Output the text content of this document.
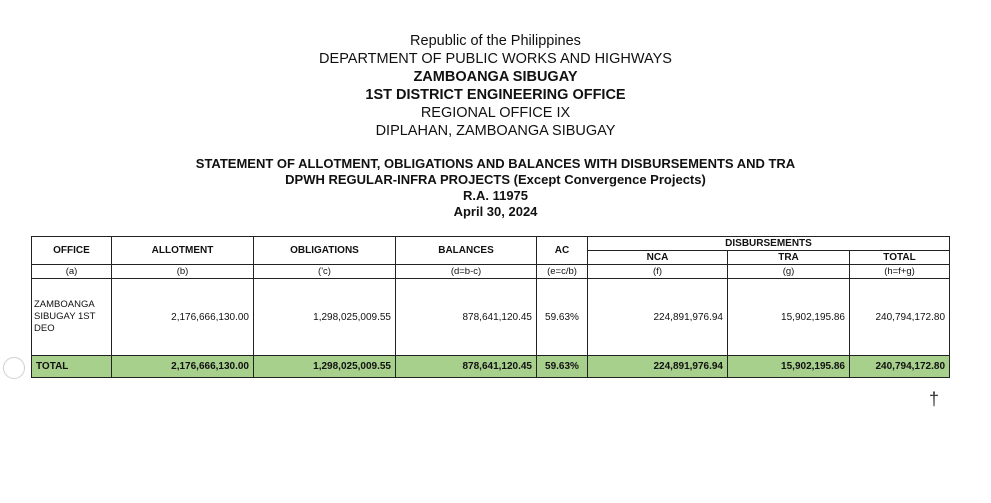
Republic of the Philippines
DEPARTMENT OF PUBLIC WORKS AND HIGHWAYS
ZAMBOANGA SIBUGAY
1ST DISTRICT ENGINEERING OFFICE
REGIONAL OFFICE IX
DIPLAHAN, ZAMBOANGA SIBUGAY
STATEMENT OF ALLOTMENT, OBLIGATIONS AND BALANCES WITH DISBURSEMENTS AND TRA
DPWH REGULAR-INFRA PROJECTS (Except Convergence Projects)
R.A. 11975
April 30, 2024
OFFICE	ALLOTMENT	OBLIGATIONS	BALANCES	AC	DISBURSEMENTS		
					NCA	TRA	TOTAL
(a)	(b)	('c)	(d=b-c)	(e=c/b)	(f)	(g)	(h=f+g)
ZAMBOANGA SIBUGAY 1ST DEO	2,176,666,130.00	1,298,025,009.55	878,641,120.45	59.63%	224,891,976.94	15,902,195.86	240,794,172.80
TOTAL	2,176,666,130.00	1,298,025,009.55	878,641,120.45	59.63%	224,891,976.94	15,902,195.86	240,794,172.80
†
